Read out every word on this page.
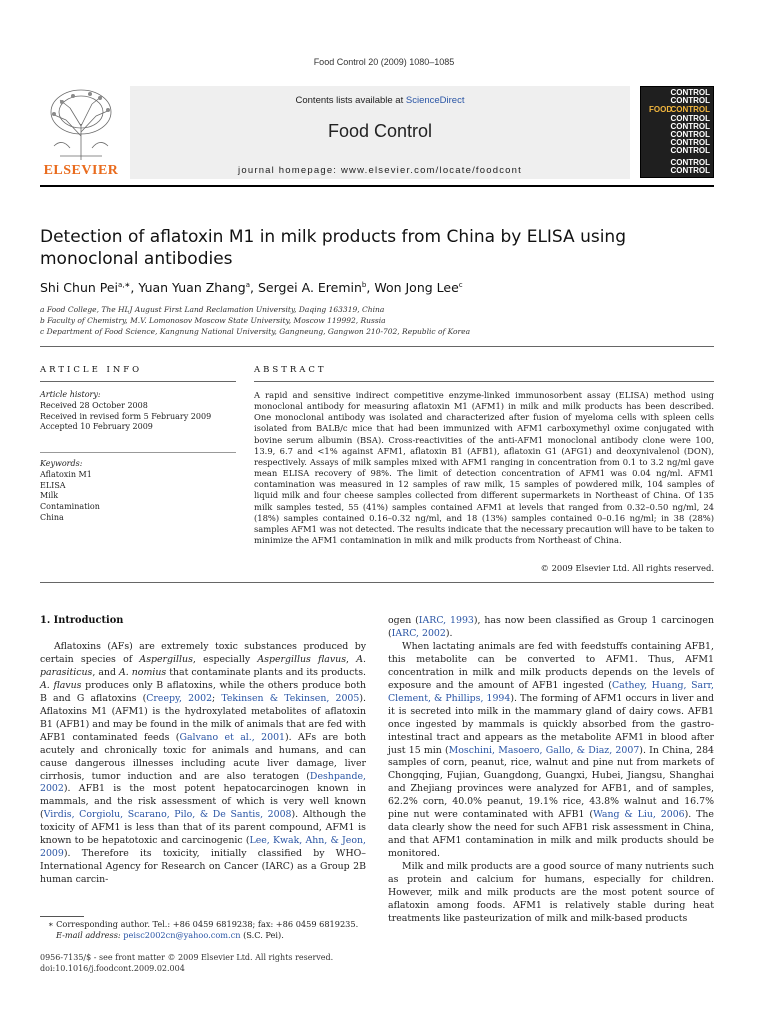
Food Control 20 (2009) 1080–1085
ELSEVIER
Contents lists available at ScienceDirect
Food Control
journal homepage: www.elsevier.com/locate/foodcont
CONTROL
CONTROL
FOOD
CONTROL
CONTROL
CONTROL
CONTROL
CONTROL
CONTROL
CONTROL
CONTROL
Detection of aflatoxin M1 in milk products from China by ELISA using
monoclonal antibodies
Shi Chun Pei$^{a,∗}$, Yuan Yuan Zhang$^a$, Sergei A. Eremin$^b$, Won Jong Lee$^c$
a Food College, The HLJ August First Land Reclamation University, Daqing 163319, China
b Faculty of Chemistry, M.V. Lomonosov Moscow State University, Moscow 119992, Russia
c Department of Food Science, Kangnung National University, Gangneung, Gangwon 210-702, Republic of Korea
ARTICLE INFO
Article history:
Received 28 October 2008
Received in revised form 5 February 2009
Accepted 10 February 2009
Keywords:
Aflatoxin M1
ELISA
Milk
Contamination
China
ABSTRACT
A rapid and sensitive indirect competitive enzyme-linked immunosorbent assay (ELISA) method using monoclonal antibody for measuring aflatoxin M1 (AFM1) in milk and milk products has been described. One monoclonal antibody was isolated and characterized after fusion of myeloma cells with spleen cells isolated from BALB/c mice that had been immunized with AFM1 carboxymethyl oxime conjugated with bovine serum albumin (BSA). Cross-reactivities of the anti-AFM1 monoclonal antibody clone were 100, 13.9, 6.7 and <1% against AFM1, aflatoxin B1 (AFB1), aflatoxin G1 (AFG1) and deoxynivalenol (DON), respectively. Assays of milk samples mixed with AFM1 ranging in concentration from 0.1 to 3.2 ng/ml gave mean ELISA recovery of 98%. The limit of detection concentration of AFM1 was 0.04 ng/ml. AFM1 contamination was measured in 12 samples of raw milk, 15 samples of powdered milk, 104 samples of liquid milk and four cheese samples collected from different supermarkets in Northeast of China. Of 135 milk samples tested, 55 (41%) samples contained AFM1 at levels that ranged from 0.32–0.50 ng/ml, 24 (18%) samples contained 0.16–0.32 ng/ml, and 18 (13%) samples contained 0–0.16 ng/ml; in 38 (28%) samples AFM1 was not detected. The results indicate that the necessary precaution will have to be taken to minimize the AFM1 contamination in milk and milk products from Northeast of China.
© 2009 Elsevier Ltd. All rights reserved.
1. Introduction

Aflatoxins (AFs) are extremely toxic substances produced by certain species of Aspergillus, especially Aspergillus flavus, A. parasiticus, and A. nomius that contaminate plants and its products. A. flavus produces only B aflatoxins, while the others produce both B and G aflatoxins (Creepy, 2002; Tekinsen & Tekinsen, 2005). Aflatoxins M1 (AFM1) is the hydroxylated metabolites of aflatoxin B1 (AFB1) and may be found in the milk of animals that are fed with AFB1 contaminated feeds (Galvano et al., 2001). AFs are both acutely and chronically toxic for animals and humans, and can cause dangerous illnesses including acute liver damage, liver cirrhosis, tumor induction and are also teratogen (Deshpande, 2002). AFB1 is the most potent hepatocarcinogen known in mammals, and the risk assessment of which is very well known (Virdis, Corgiolu, Scarano, Pilo, & De Santis, 2008). Although the toxicity of AFM1 is less than that of its parent compound, AFM1 is known to be hepatotoxic and carcinogenic (Lee, Kwak, Ahn, & Jeon, 2009). Therefore its toxicity, initially classified by WHO–International Agency for Research on Cancer (IARC) as a Group 2B human carcin-

ogen (IARC, 1993), has now been classified as Group 1 carcinogen (IARC, 2002).

When lactating animals are fed with feedstuffs containing AFB1, this metabolite can be converted to AFM1. Thus, AFM1 concentration in milk and milk products depends on the levels of exposure and the amount of AFB1 ingested (Cathey, Huang, Sarr, Clement, & Phillips, 1994). The forming of AFM1 occurs in liver and it is secreted into milk in the mammary gland of dairy cows. AFB1 once ingested by mammals is quickly absorbed from the gastro-intestinal tract and appears as the metabolite AFM1 in blood after just 15 min (Moschini, Masoero, Gallo, & Diaz, 2007). In China, 284 samples of corn, peanut, rice, walnut and pine nut from markets of Chongqing, Fujian, Guangdong, Guangxi, Hubei, Jiangsu, Shanghai and Zhejiang provinces were analyzed for AFB1, and of samples, 62.2% corn, 40.0% peanut, 19.1% rice, 43.8% walnut and 16.7% pine nut were contaminated with AFB1 (Wang & Liu, 2006). The data clearly show the need for such AFB1 risk assessment in China, and that AFM1 contamination in milk and milk products should be monitored.

Milk and milk products are a good source of many nutrients such as protein and calcium for humans, especially for children. However, milk and milk products are the most potent source of aflatoxin among foods. AFM1 is relatively stable during heat treatments like pasteurization of milk and milk-based products

∗ Corresponding author. Tel.: +86 0459 6819238; fax: +86 0459 6819235.
E-mail address: peisc2002cn@yahoo.com.cn (S.C. Pei).
0956-7135/$ - see front matter © 2009 Elsevier Ltd. All rights reserved.
doi:10.1016/j.foodcont.2009.02.004
